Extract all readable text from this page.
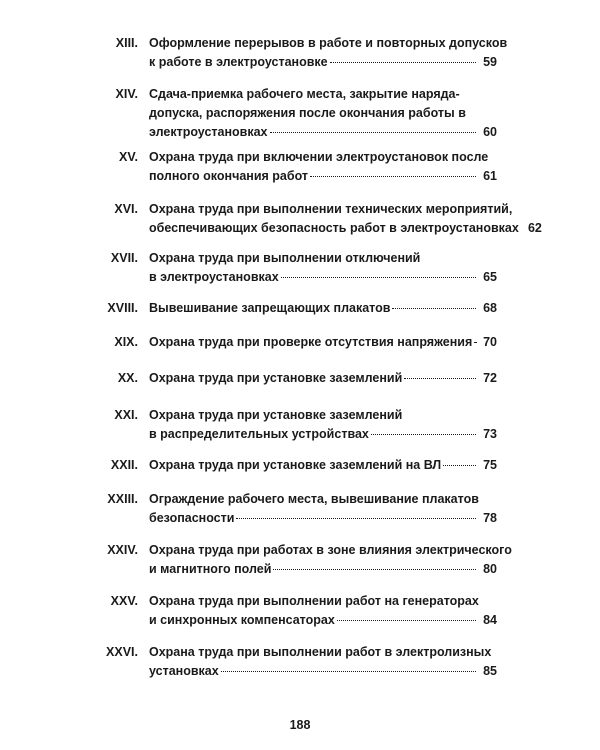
XIII. Оформление перерывов в работе и повторных допусков
к работе в электроустановке	59
XIV. Сдача-приемка рабочего места, закрытие наряда-
допуска, распоряжения после окончания работы в
электроустановках	60
XV. Охрана труда при включении электроустановок после
полного окончания работ	61
XVI. Охрана труда при выполнении технических мероприятий,
обеспечивающих безопасность работ в электроустановках 62
XVII. Охрана труда при выполнении отключений
в электроустановках	65
XVIII. Вывешивание запрещающих плакатов	68
XIX. Охрана труда при проверке отсутствия напряжения 70
XX. Охрана труда при установке заземлений	72
XXI. Охрана труда при установке заземлений
в распределительных устройствах	73
XXII. Охрана труда при установке заземлений на ВЛ	75
XXIII. Ограждение рабочего места, вывешивание плакатов
безопасности	78
XXIV. Охрана труда при работах в зоне влияния электрического
и магнитного полей	80
XXV. Охрана труда при выполнении работ на генераторах
и синхронных компенсаторах	84
XXVI. Охрана труда при выполнении работ в электролизных
установках	85
188
